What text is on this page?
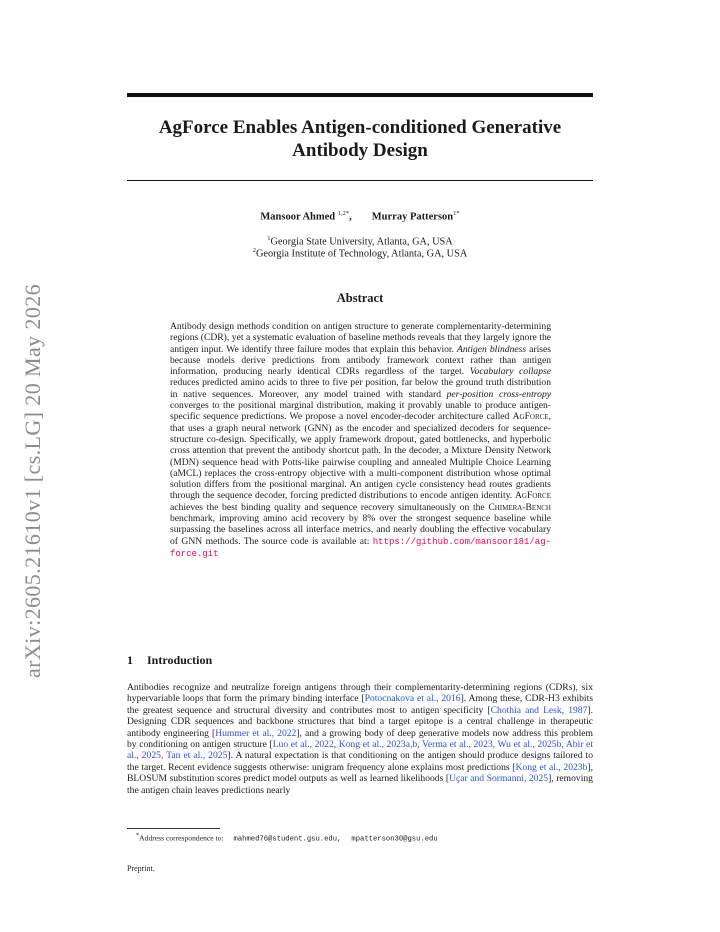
arXiv:2605.21610v1 [cs.LG] 20 May 2026
AgForce Enables Antigen-conditioned Generative Antibody Design
Mansoor Ahmed $^{1,2*}$, Murray Patterson$^{1*}$
$^1$Georgia State University, Atlanta, GA, USA
$^2$Georgia Institute of Technology, Atlanta, GA, USA
Abstract
Antibody design methods condition on antigen structure to generate complementarity-determining regions (CDR), yet a systematic evaluation of baseline methods reveals that they largely ignore the antigen input. We identify three failure modes that explain this behavior. Antigen blindness arises because models derive predictions from antibody framework context rather than antigen information, producing nearly identical CDRs regardless of the target. Vocabulary collapse reduces predicted amino acids to three to five per position, far below the ground truth distribution in native sequences. Moreover, any model trained with standard per-position cross-entropy converges to the positional marginal distribution, making it provably unable to produce antigen-specific sequence predictions. We propose a novel encoder-decoder architecture called AgForce, that uses a graph neural network (GNN) as the encoder and specialized decoders for sequence-structure co-design. Specifically, we apply framework dropout, gated bottlenecks, and hyperbolic cross attention that prevent the antibody shortcut path. In the decoder, a Mixture Density Network (MDN) sequence head with Potts-like pairwise coupling and annealed Multiple Choice Learning (aMCL) replaces the cross-entropy objective with a multi-component distribution whose optimal solution differs from the positional marginal. An antigen cycle consistency head routes gradients through the sequence decoder, forcing predicted distributions to encode antigen identity. AgForce achieves the best binding quality and sequence recovery simultaneously on the Chimera-Bench benchmark, improving amino acid recovery by 8% over the strongest sequence baseline while surpassing the baselines across all interface metrics, and nearly doubling the effective vocabulary of GNN methods. The source code is available at: https://github.com/mansoor181/ag-force.git
1 Introduction
Antibodies recognize and neutralize foreign antigens through their complementarity-determining regions (CDRs), six hypervariable loops that form the primary binding interface [Potocnakova et al., 2016]. Among these, CDR-H3 exhibits the greatest sequence and structural diversity and contributes most to antigen specificity [Chothia and Lesk, 1987]. Designing CDR sequences and backbone structures that bind a target epitope is a central challenge in therapeutic antibody engineering [Hummer et al., 2022], and a growing body of deep generative models now address this problem by conditioning on antigen structure [Luo et al., 2022, Kong et al., 2023a,b, Verma et al., 2023, Wu et al., 2025b, Abir et al., 2025, Tan et al., 2025]. A natural expectation is that conditioning on the antigen should produce designs tailored to the target. Recent evidence suggests otherwise: unigram frequency alone explains most predictions [Kong et al., 2023b], BLOSUM substitution scores predict model outputs as well as learned likelihoods [Uçar and Sormanni, 2025], removing the antigen chain leaves predictions nearly
*Address correspondence to: mahmed76@student.gsu.edu, mpatterson30@gsu.edu
Preprint.
